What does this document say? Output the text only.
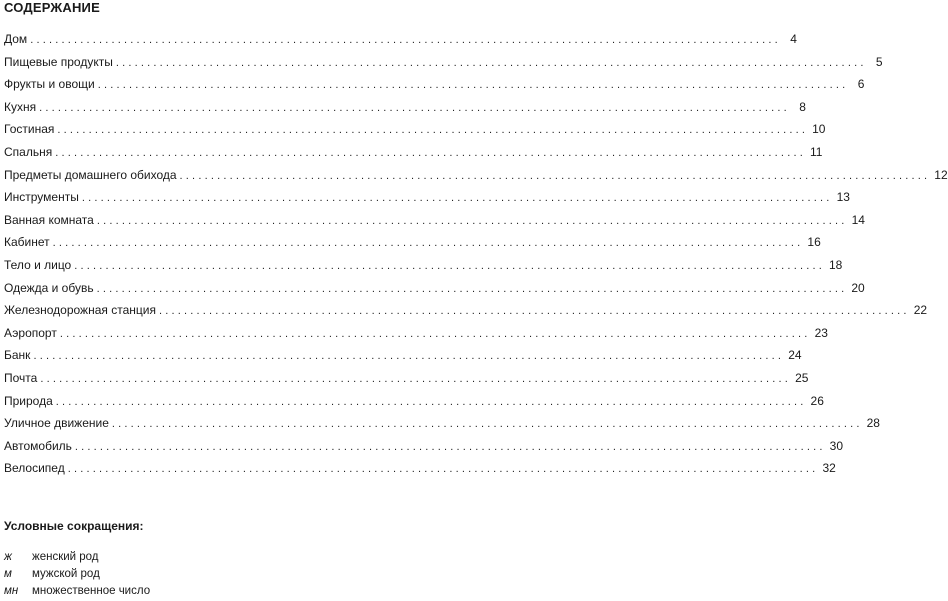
СОДЕРЖАНИЕ
Дом ........................................................................................................................ 4
Пищевые продукты ........................................................................................................................ 5
Фрукты и овощи ........................................................................................................................ 6
Кухня ........................................................................................................................ 8
Гостиная ........................................................................................................................ 10
Спальня ........................................................................................................................ 11
Предметы домашнего обихода ........................................................................................................................ 12
Инструменты ........................................................................................................................ 13
Ванная комната ........................................................................................................................ 14
Кабинет ........................................................................................................................ 16
Тело и лицо ........................................................................................................................ 18
Одежда и обувь ........................................................................................................................ 20
Железнодорожная станция ........................................................................................................................ 22
Аэропорт ........................................................................................................................ 23
Банк ........................................................................................................................ 24
Почта ........................................................................................................................ 25
Природа ........................................................................................................................ 26
Уличное движение ........................................................................................................................ 28
Автомобиль ........................................................................................................................ 30
Велосипед ........................................................................................................................ 32
Условные сокращения:
ж	женский род
м	мужской род
мн	множественное число
